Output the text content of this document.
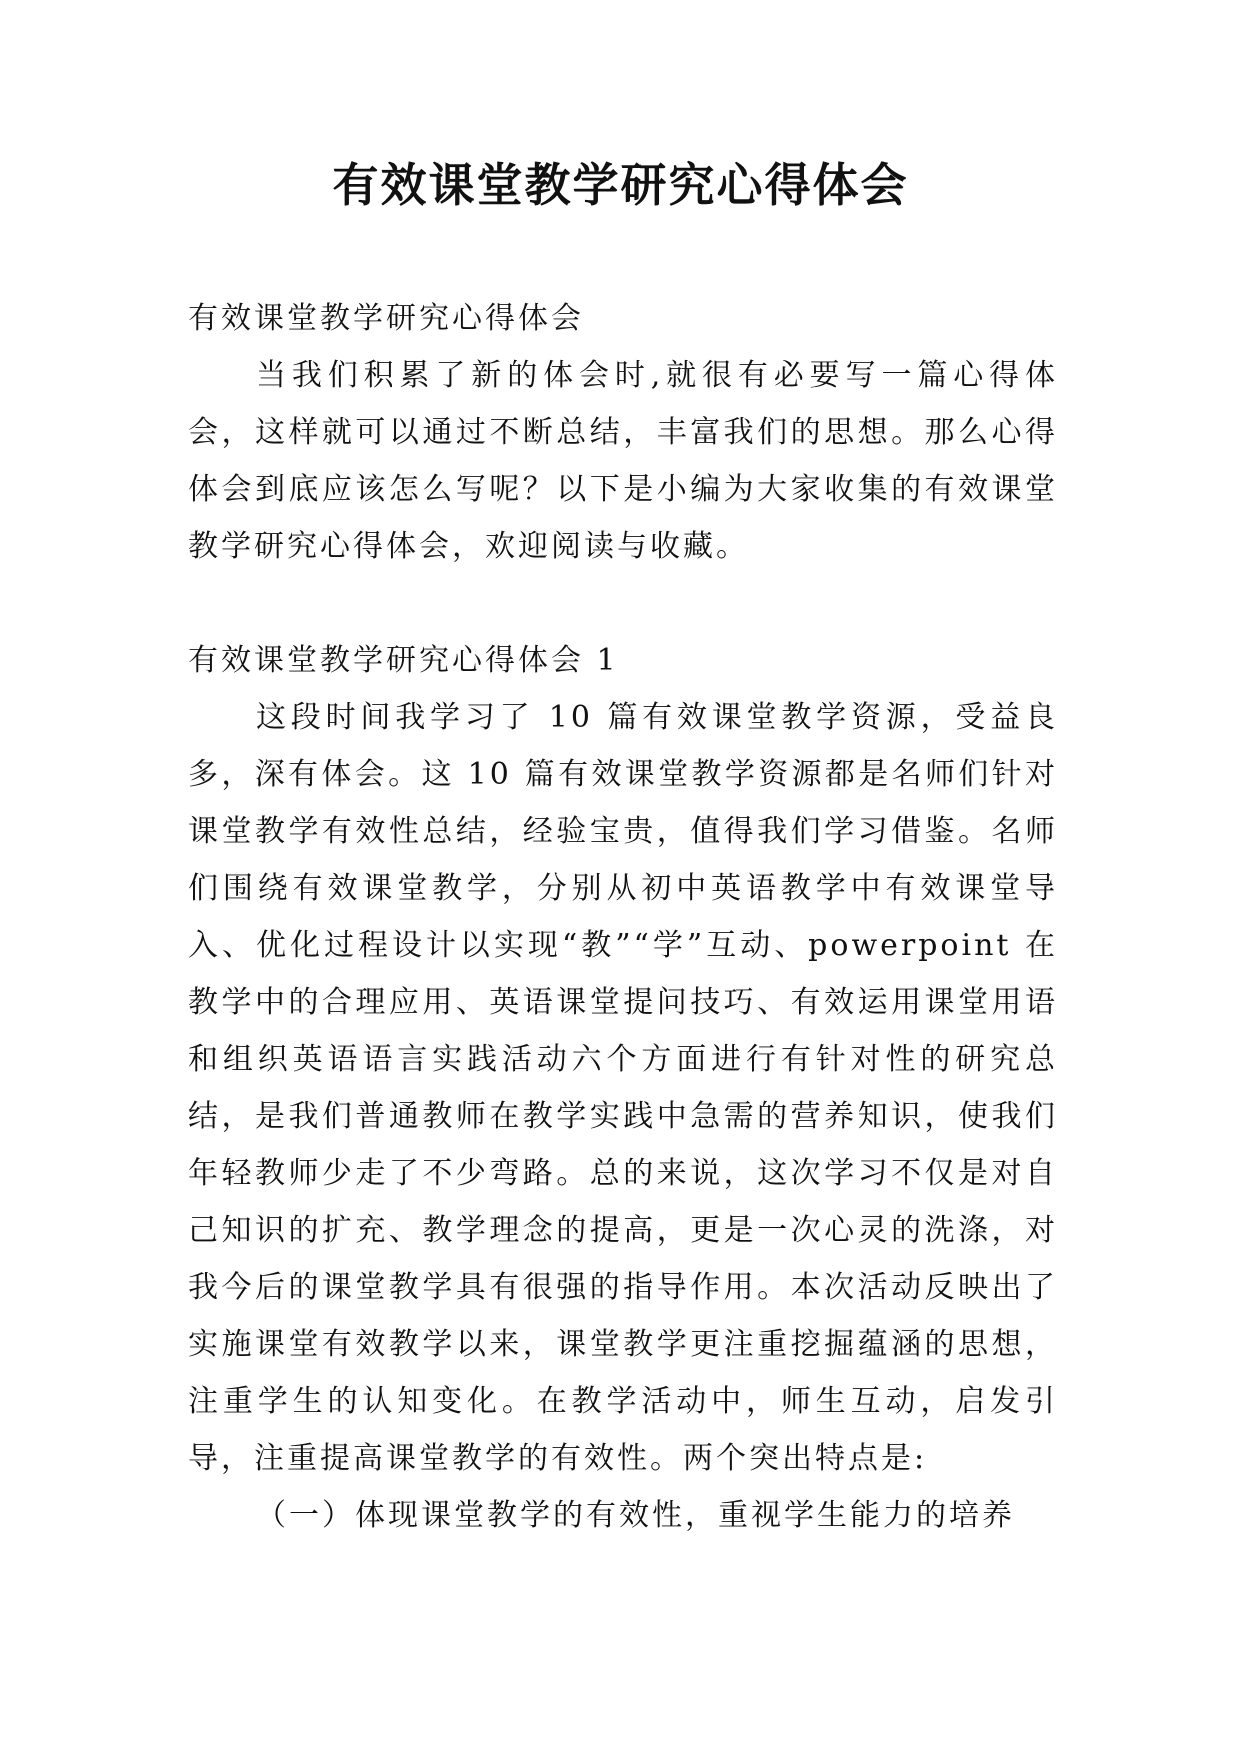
有效课堂教学研究心得体会

有效课堂教学研究心得体会

当我们积累了新的体会时,就很有必要写一篇心得体会，这样就可以通过不断总结，丰富我们的思想。那么心得体会到底应该怎么写呢？以下是小编为大家收集的有效课堂教学研究心得体会，欢迎阅读与收藏。

有效课堂教学研究心得体会 1

这段时间我学习了 10 篇有效课堂教学资源，受益良多，深有体会。这 10 篇有效课堂教学资源都是名师们针对课堂教学有效性总结，经验宝贵，值得我们学习借鉴。名师们围绕有效课堂教学，分别从初中英语教学中有效课堂导入、优化过程设计以实现“教”“学”互动、powerpoint 在教学中的合理应用、英语课堂提问技巧、有效运用课堂用语和组织英语语言实践活动六个方面进行有针对性的研究总结，是我们普通教师在教学实践中急需的营养知识，使我们年轻教师少走了不少弯路。总的来说，这次学习不仅是对自己知识的扩充、教学理念的提高，更是一次心灵的洗涤，对我今后的课堂教学具有很强的指导作用。本次活动反映出了实施课堂有效教学以来，课堂教学更注重挖掘蕴涵的思想，注重学生的认知变化。在教学活动中，师生互动，启发引导，注重提高课堂教学的有效性。两个突出特点是:

（一）体现课堂教学的有效性，重视学生能力的培养
